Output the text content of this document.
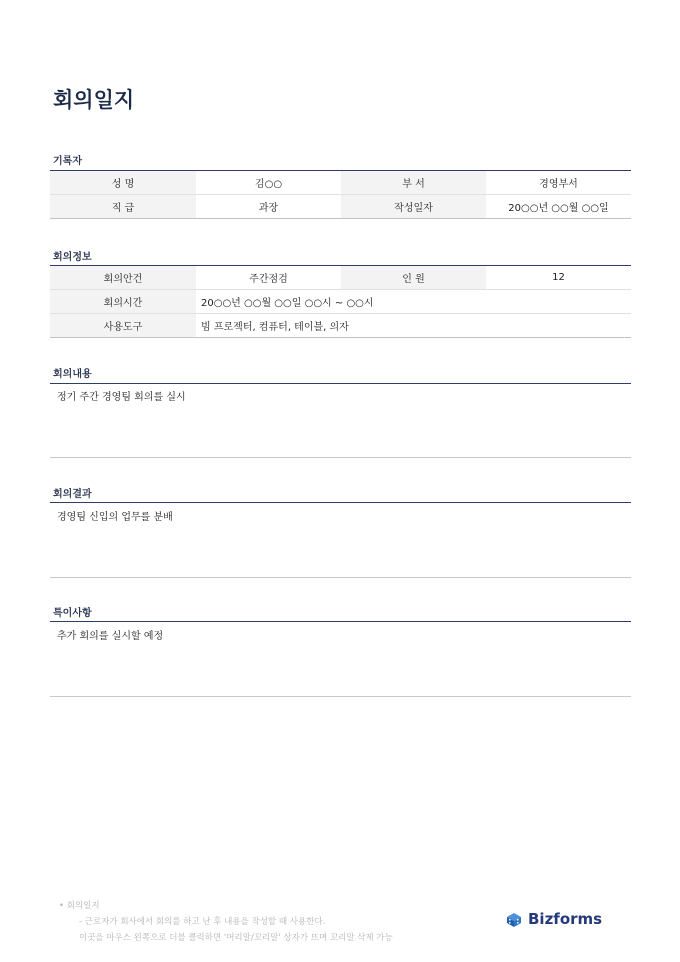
회의일지
기록자
성 명	김○○	부 서	경영부서
직 급	과장	작성일자	20○○년 ○○월 ○○일
회의정보
회의안건	주간점검	인 원	12
회의시간	20○○년 ○○월 ○○일 ○○시 ~ ○○시		
사용도구	빔 프로젝터, 컴퓨터, 테이블, 의자		
회의내용
정기 주간 경영팀 회의를 실시
회의결과
경영팀 신입의 업무를 분배
특이사항
추가 회의를 실시할 예정
• 회의일지
- 근로자가 회사에서 회의를 하고 난 후 내용을 작성할 때 사용한다.
이곳을 마우스 왼쪽으로 더블 클릭하면 '머리말/꼬리말' 상자가 뜨며 꼬리말 삭제 가능
Bizforms
